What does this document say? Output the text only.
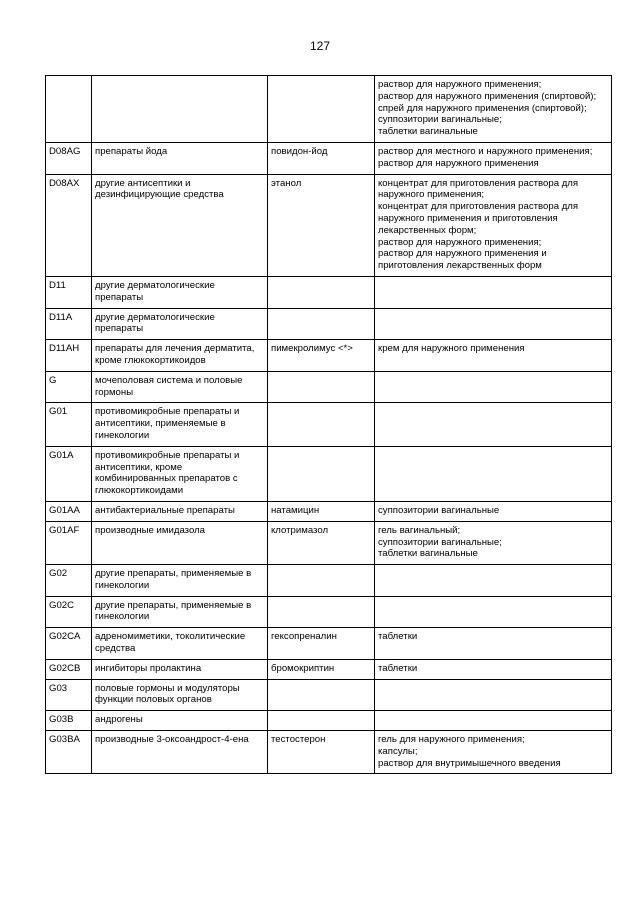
127
			раствор для наружного применения;
раствор для наружного применения (спиртовой);
спрей для наружного применения (спиртовой);
суппозитории вагинальные;
таблетки вагинальные
D08AG	препараты йода	повидон-йод	раствор для местного и наружного применения;
раствор для наружного применения
D08AX	другие антисептики и дезинфицирующие средства	этанол	концентрат для приготовления раствора для наружного применения;
концентрат для приготовления раствора для наружного применения и приготовления лекарственных форм;
раствор для наружного применения;
раствор для наружного применения и приготовления лекарственных форм
D11	другие дерматологические препараты		
D11A	другие дерматологические препараты		
D11AH	препараты для лечения дерматита, кроме глюкокортикоидов	пимекролимус <*>	крем для наружного применения
G	мочеполовая система и половые гормоны		
G01	противомикробные препараты и антисептики, применяемые в гинекологии		
G01A	противомикробные препараты и антисептики, кроме комбинированных препаратов с глюкокортикоидами		
G01AA	антибактериальные препараты	натамицин	суппозитории вагинальные
G01AF	производные имидазола	клотримазол	гель вагинальный;
суппозитории вагинальные;
таблетки вагинальные
G02	другие препараты, применяемые в гинекологии		
G02C	другие препараты, применяемые в гинекологии		
G02CA	адреномиметики, токолитические средства	гексопреналин	таблетки
G02CB	ингибиторы пролактина	бромокриптин	таблетки
G03	половые гормоны и модуляторы функции половых органов		
G03B	андрогены		
G03BA	производные 3-оксоандрост-4-ена	тестостерон	гель для наружного применения;
капсулы;
раствор для внутримышечного введения
